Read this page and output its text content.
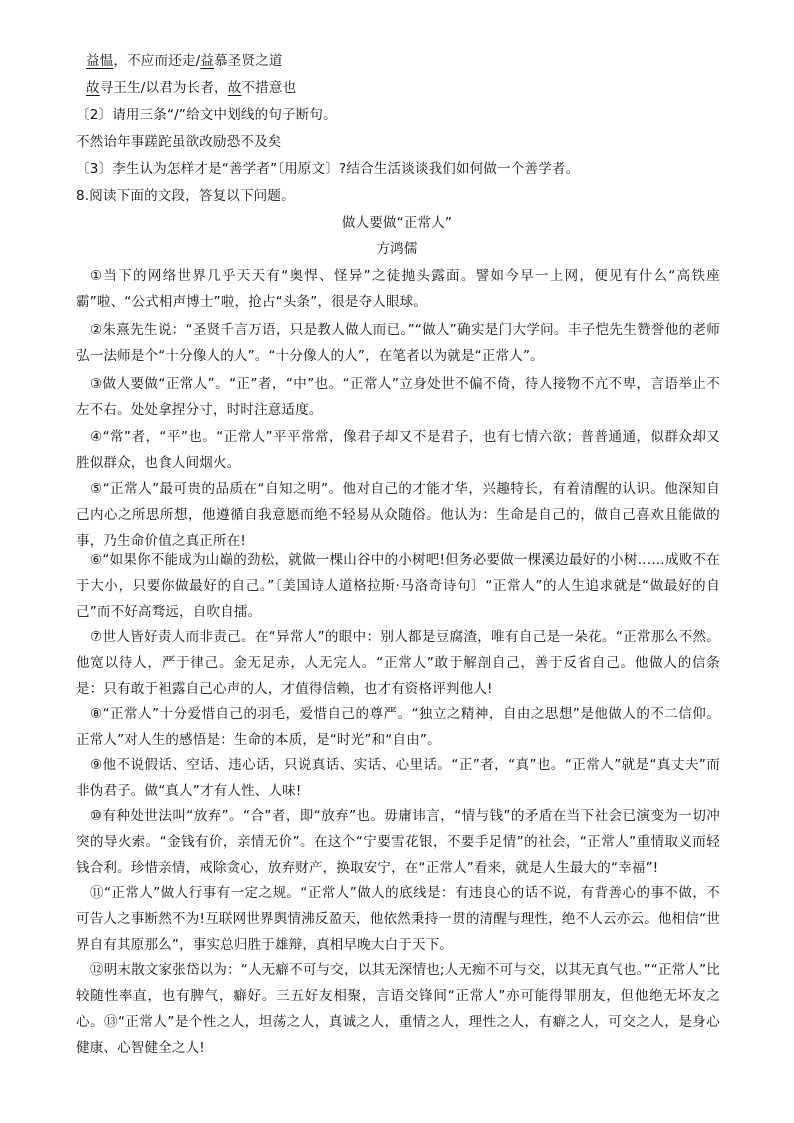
益愠，不应而还走/益慕圣贤之道
故寻王生/以君为长者，故不措意也
〔2〕请用三条“/”给文中划线的句子断句。
不然诒年事蹉跎虽欲改励恐不及矣
〔3〕李生认为怎样才是“善学者”〔用原文〕?结合生活谈谈我们如何做一个善学者。
8.阅读下面的文段，答复以下问题。
做人要做“正常人”
方鸿儒
①当下的网络世界几乎天天有“奥悍、怪异”之徒抛头露面。譬如今早一上网，便见有什么“高铁座霸”啦、“公式相声博士”啦，抢占“头条”，很是夺人眼球。
②朱熹先生说：“圣贤千言万语，只是教人做人而已。”“做人”确实是门大学问。丰子恺先生赞誉他的老师弘一法师是个“十分像人的人”。“十分像人的人”，在笔者以为就是“正常人”。
③做人要做“正常人”。“正”者，“中”也。“正常人”立身处世不偏不倚，待人接物不亢不卑，言语举止不左不右。处处拿捏分寸，时时注意适度。
④“常”者，“平”也。“正常人”平平常常，像君子却又不是君子，也有七情六欲；普普通通，似群众却又胜似群众，也食人间烟火。
⑤“正常人”最可贵的品质在“自知之明”。他对自己的才能才华，兴趣特长，有着清醒的认识。他深知自己内心之所思所想，他遵循自我意愿而绝不轻易从众随俗。他认为：生命是自己的，做自己喜欢且能做的事，乃生命价值之真正所在!
⑥“如果你不能成为山巅的劲松，就做一棵山谷中的小树吧!但务必要做一棵溪边最好的小树……成败不在于大小，只要你做最好的自己。”〔美国诗人道格拉斯·马洛奇诗句〕“正常人”的人生追求就是“做最好的自己”而不好高骛远，自吹自擂。
⑦世人皆好责人而非责己。在“异常人”的眼中：别人都是豆腐渣，唯有自己是一朵花。“正常那么不然。他宽以待人，严于律己。金无足赤，人无完人。“正常人”敢于解剖自己，善于反省自己。他做人的信条是：只有敢于袒露自己心声的人，才值得信赖，也才有资格评判他人!
⑧“正常人”十分爱惜自己的羽毛，爱惜自己的尊严。“独立之精神，自由之思想”是他做人的不二信仰。正常人”对人生的感悟是：生命的本质，是“时光”和“自由”。
⑨他不说假话、空话、违心话，只说真话、实话、心里话。“正”者，“真”也。“正常人”就是“真丈夫”而非伪君子。做“真人”才有人性、人味!
⑩有种处世法叫“放弃”。“合”者，即“放弃”也。毋庸讳言，“情与钱”的矛盾在当下社会已演变为一切冲突的导火索。“金钱有价，亲情无价”。在这个“宁要雪花银，不要手足情”的社会，“正常人”重情取义而轻钱合利。珍惜亲情，戒除贪心，放弃财产，换取安宁，在“正常人”看来，就是人生最大的“幸福”!
⑪“正常人”做人行事有一定之规。“正常人”做人的底线是：有违良心的话不说，有背善心的事不做，不可告人之事断然不为!互联网世界舆情沸反盈天，他依然秉持一贯的清醒与理性，绝不人云亦云。他相信“世界自有其原那么”，事实总归胜于雄辩，真相早晚大白于天下。
⑫明末散文家张岱以为：“人无癖不可与交，以其无深情也;人无痴不可与交，以其无真气也。”“正常人”比较随性率直，也有脾气，癖好。三五好友相聚，言语交锋间“正常人”亦可能得罪朋友，但他绝无坏友之心。⑬“正常人”是个性之人，坦荡之人，真诚之人，重情之人，理性之人，有癖之人，可交之人，是身心健康、心智健全之人!
